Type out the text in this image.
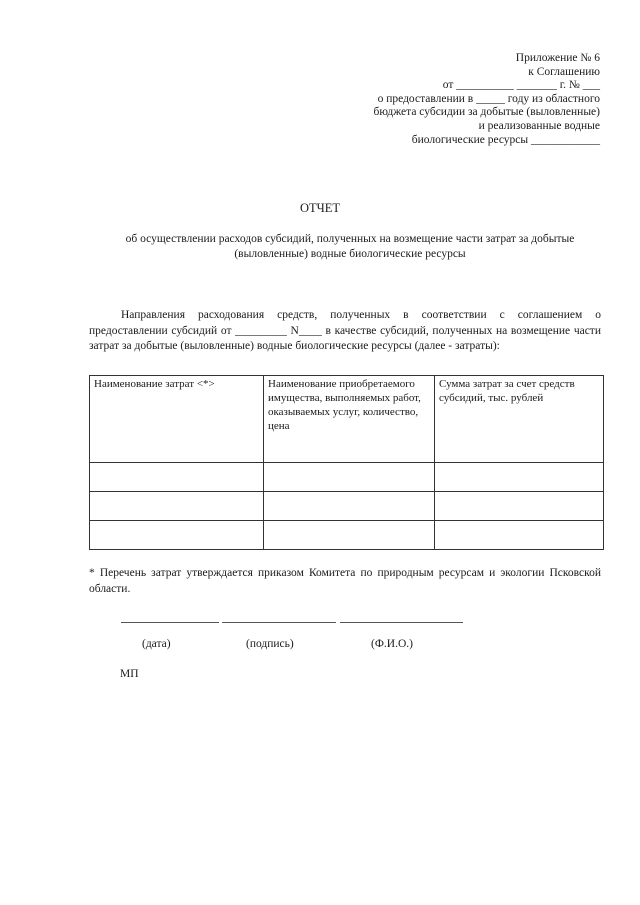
Приложение № 6
к Соглашению
от __________ _______ г. № ___
о предоставлении в _____ году из областного
бюджета субсидии за добытые (выловленные)
и реализованные водные
биологические ресурсы ____________
ОТЧЕТ
об осуществлении расходов субсидий, полученных на возмещение части затрат за добытые (выловленные) водные биологические ресурсы
Направления расходования средств, полученных в соответствии с соглашением о предоставлении субсидий от _________ N____ в качестве субсидий, полученных на возмещение части затрат за добытые (выловленные) водные биологические ресурсы (далее - затраты):
Наименование затрат <*>	Наименование приобретаемого имущества, выполняемых работ, оказываемых услуг, количество, цена	Сумма затрат за счет средств субсидий, тыс. рублей

* Перечень затрат утверждается приказом Комитета по природным ресурсам и экологии Псковской области.
(дата)	(подпись)	(Ф.И.О.)
МП
